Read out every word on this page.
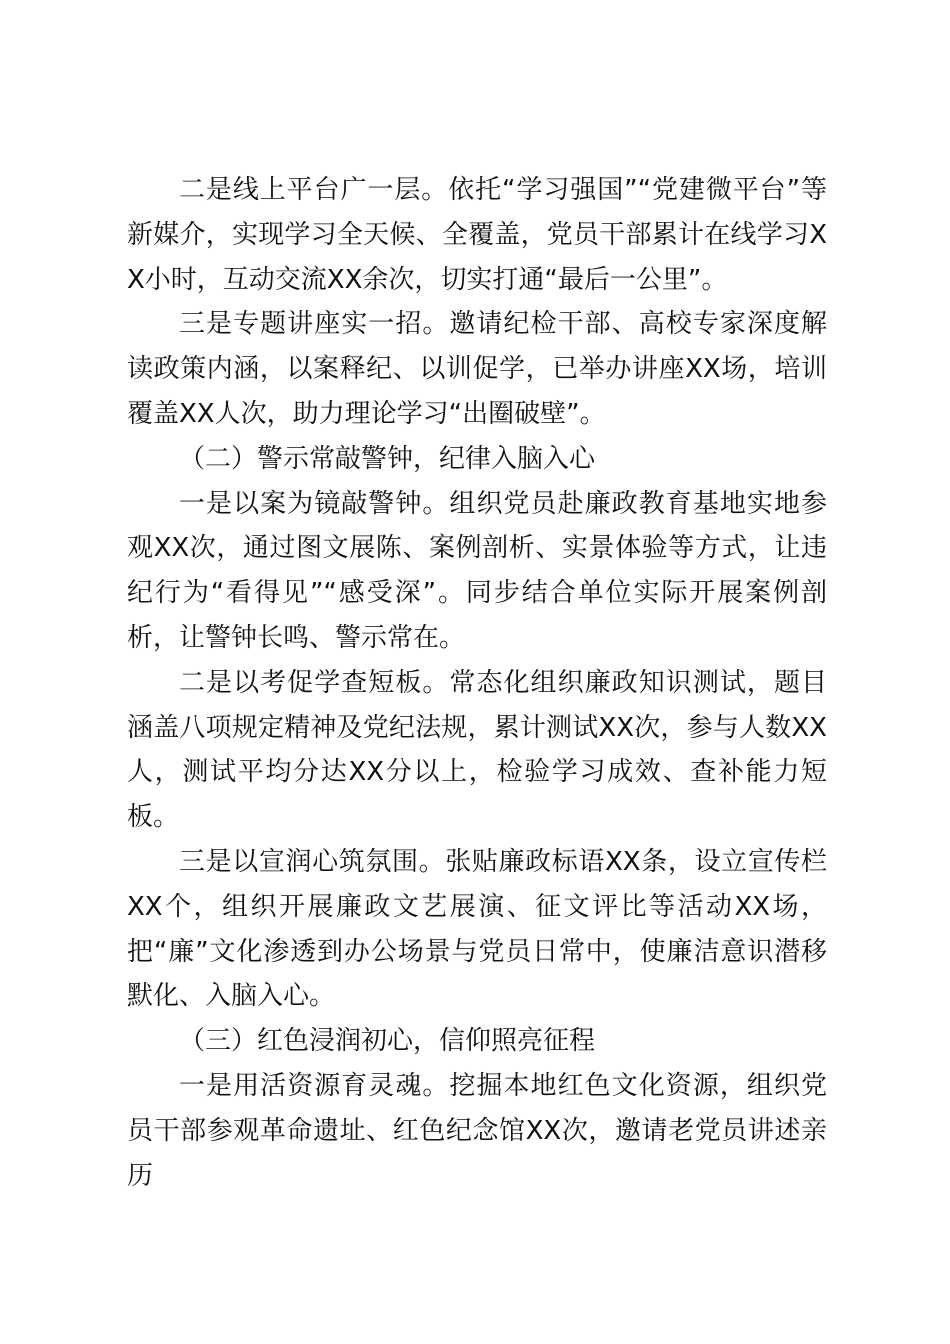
二是线上平台广一层。依托“学习强国”“党建微平台”等新媒介，实现学习全天候、全覆盖，党员干部累计在线学习XX小时，互动交流XX余次，切实打通“最后一公里”。

三是专题讲座实一招。邀请纪检干部、高校专家深度解读政策内涵，以案释纪、以训促学，已举办讲座XX场，培训覆盖XX人次，助力理论学习“出圈破壁”。

（二）警示常敲警钟，纪律入脑入心

一是以案为镜敲警钟。组织党员赴廉政教育基地实地参观XX次，通过图文展陈、案例剖析、实景体验等方式，让违纪行为“看得见”“感受深”。同步结合单位实际开展案例剖析，让警钟长鸣、警示常在。

二是以考促学查短板。常态化组织廉政知识测试，题目涵盖八项规定精神及党纪法规，累计测试XX次，参与人数XX人，测试平均分达XX分以上，检验学习成效、查补能力短板。

三是以宣润心筑氛围。张贴廉政标语XX条，设立宣传栏XX个，组织开展廉政文艺展演、征文评比等活动XX场，把“廉”文化渗透到办公场景与党员日常中，使廉洁意识潜移默化、入脑入心。

（三）红色浸润初心，信仰照亮征程

一是用活资源育灵魂。挖掘本地红色文化资源，组织党员干部参观革命遗址、红色纪念馆XX次，邀请老党员讲述亲历
